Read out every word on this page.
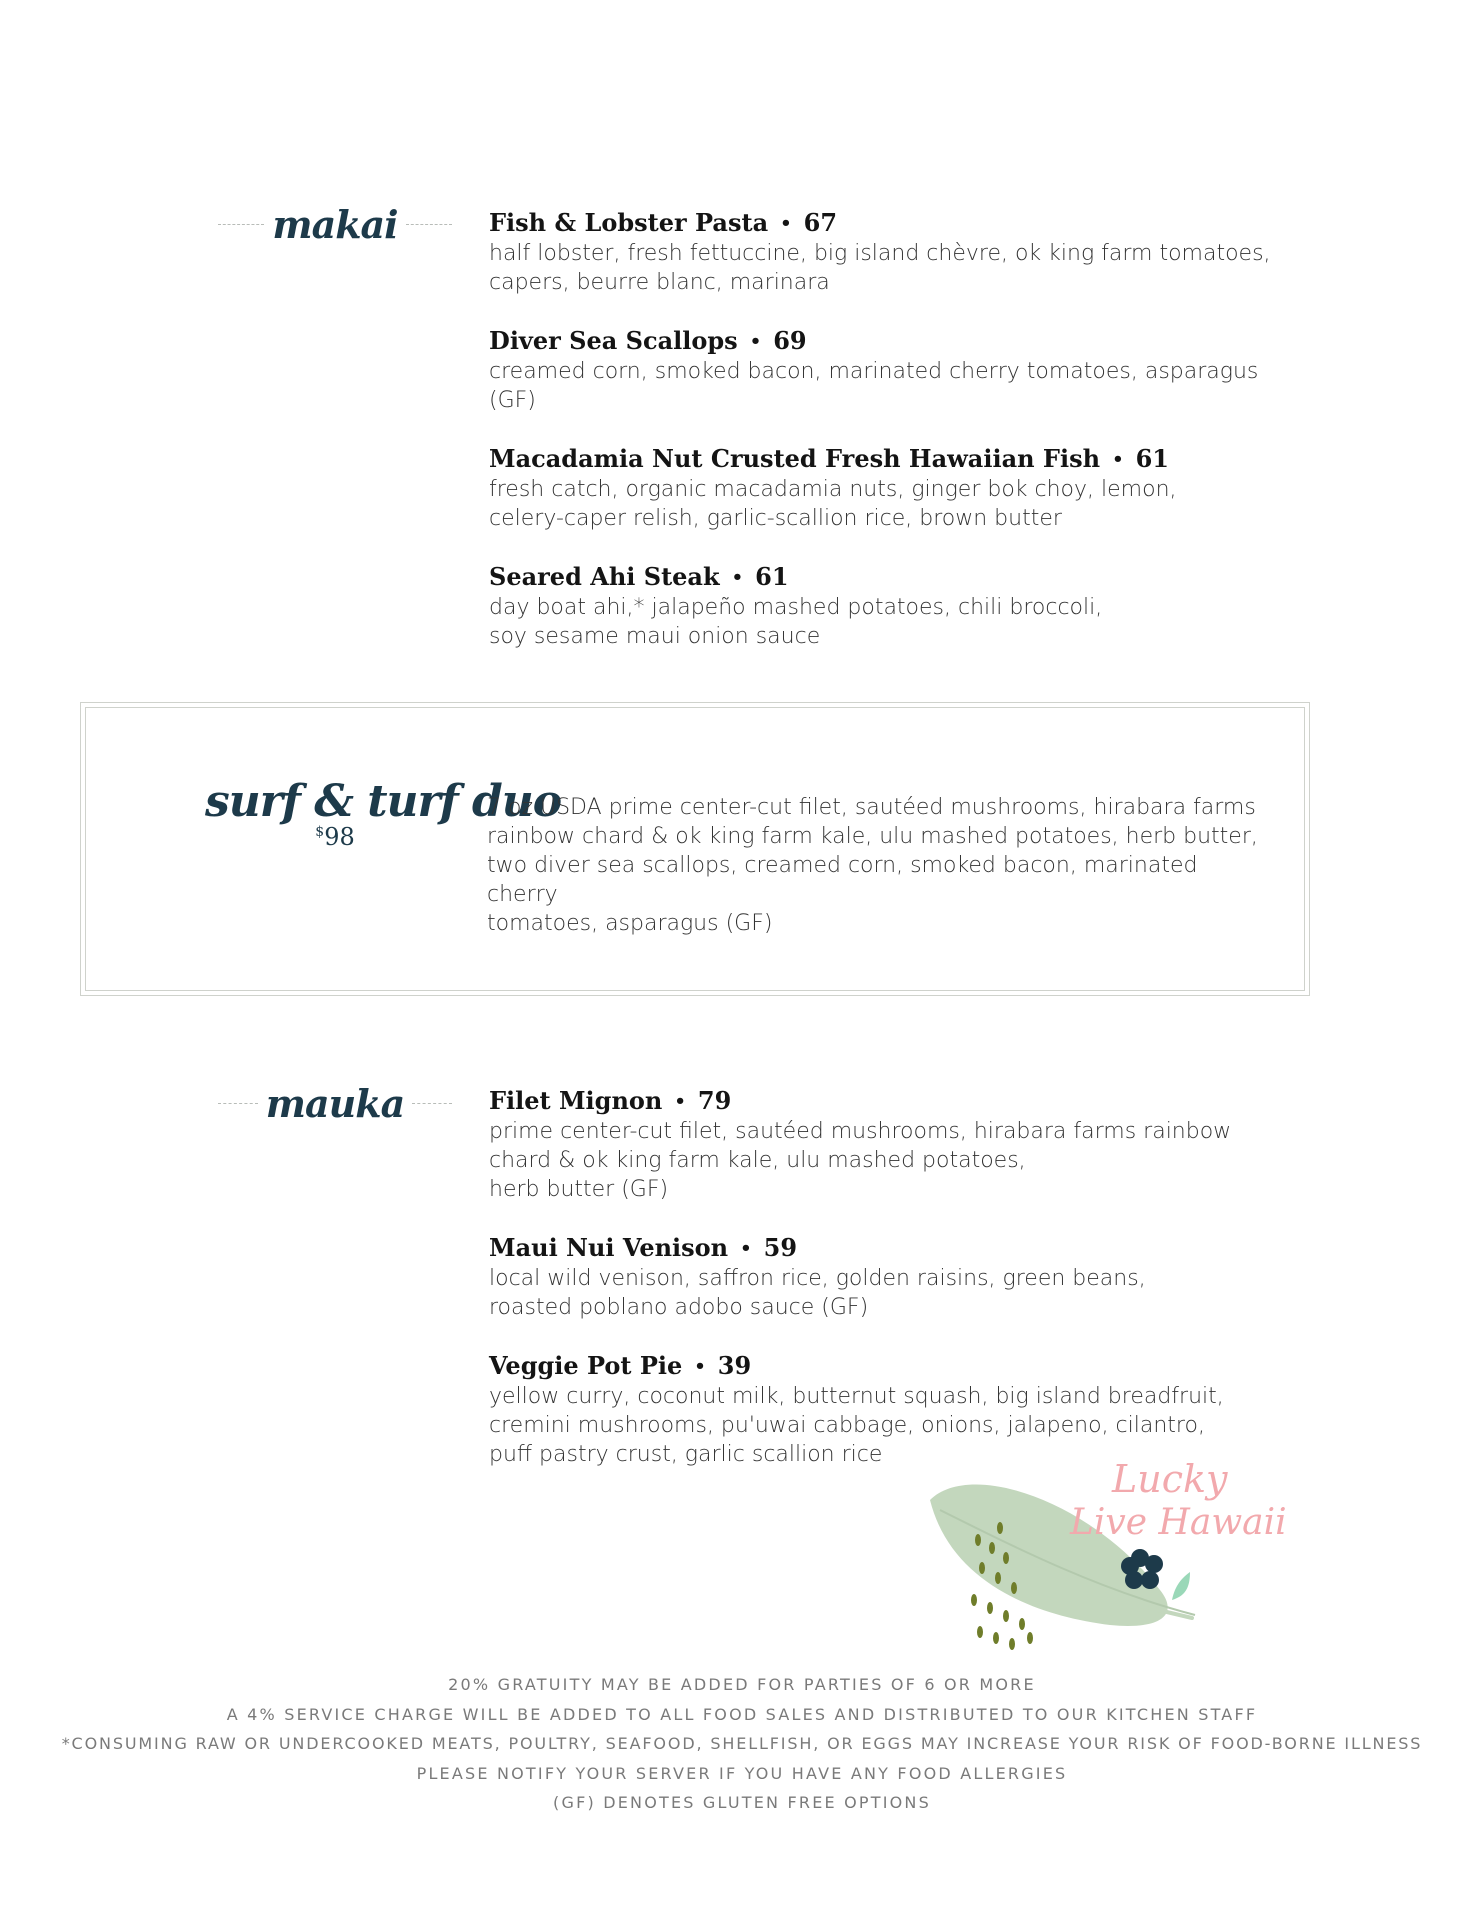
makai	Fish & Lobster Pasta • 67
half lobster, fresh fettuccine, big island chèvre, ok king farm tomatoes,
capers, beurre blanc, marinara
Diver Sea Scallops • 69
creamed corn, smoked bacon, marinated cherry tomatoes, asparagus (GF)
Macadamia Nut Crusted Fresh Hawaiian Fish • 61
fresh catch, organic macadamia nuts, ginger bok choy, lemon,
celery-caper relish, garlic-scallion rice, brown butter
Seared Ahi Steak • 61
day boat ahi,* jalapeño mashed potatoes, chili broccoli,
soy sesame maui onion sauce
surf & turf duo
$98
7 oz USDA prime center-cut filet, sautéed mushrooms, hirabara farms
rainbow chard & ok king farm kale, ulu mashed potatoes, herb butter,
two diver sea scallops, creamed corn, smoked bacon, marinated cherry
tomatoes, asparagus (GF)
mauka	Filet Mignon • 79
prime center-cut filet, sautéed mushrooms, hirabara farms rainbow
chard & ok king farm kale, ulu mashed potatoes,
herb butter (GF)
Maui Nui Venison • 59
local wild venison, saffron rice, golden raisins, green beans,
roasted poblano adobo sauce (GF)
Veggie Pot Pie • 39
yellow curry, coconut milk, butternut squash, big island breadfruit,
cremini mushrooms, pu'uwai cabbage, onions, jalapeno, cilantro,
puff pastry crust, garlic scallion rice
Lucky
Live Hawaii
20% GRATUITY MAY BE ADDED FOR PARTIES OF 6 OR MORE
A 4% SERVICE CHARGE WILL BE ADDED TO ALL FOOD SALES AND DISTRIBUTED TO OUR KITCHEN STAFF
*CONSUMING RAW OR UNDERCOOKED MEATS, POULTRY, SEAFOOD, SHELLFISH, OR EGGS MAY INCREASE YOUR RISK OF FOOD-BORNE ILLNESS
PLEASE NOTIFY YOUR SERVER IF YOU HAVE ANY FOOD ALLERGIES
(GF) DENOTES GLUTEN FREE OPTIONS
